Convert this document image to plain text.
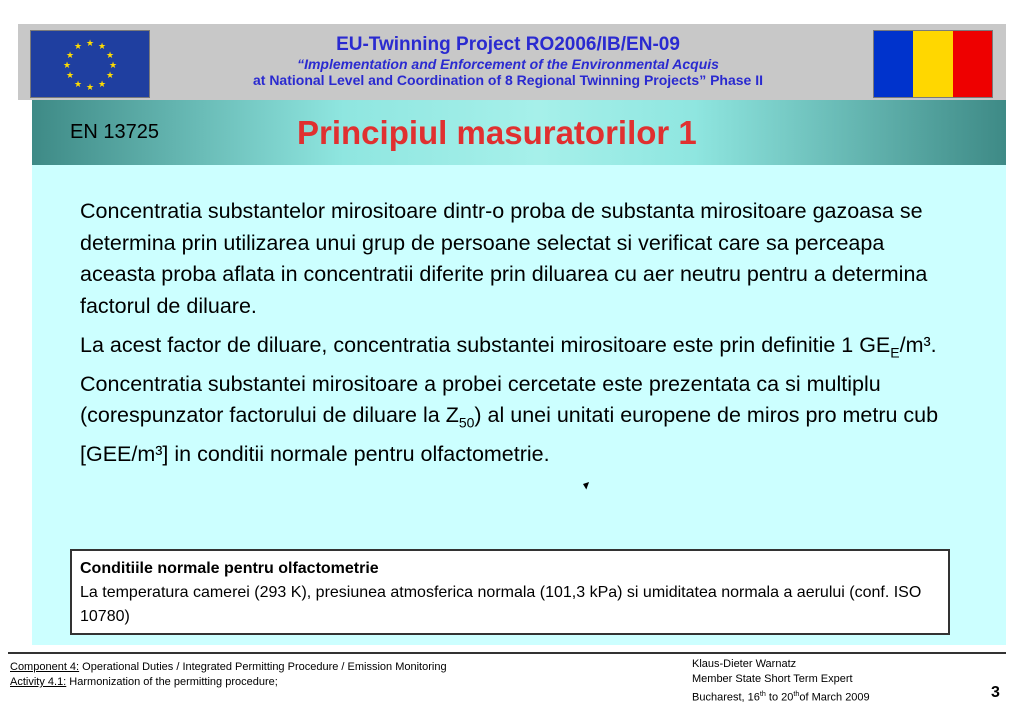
★ ★
★
★
★
★
★
★
★
★
★
★	EU-Twinning Project RO2006/IB/EN-09
“Implementation and Enforcement of the Environmental Acquis
at National Level and Coordination of 8 Regional Twinning Projects” Phase II
EN 13725	Principiul masuratorilor 1

Concentratia substantelor mirositoare dintr-o proba de substanta mirositoare gazoasa se determina prin utilizarea unui grup de persoane selectat si verificat care sa perceapa aceasta proba aflata in concentratii diferite prin diluarea cu aer neutru pentru a determina factorul de diluare.

La acest factor de diluare, concentratia substantei mirositoare este prin definitie 1 $GE_E/m^3$. Concentratia substantei mirositoare a probei cercetate este prezentata ca si multiplu (corespunzator factorului de diluare la $Z_{50}$) al unei unitati europene de miros pro metru cub [GEE/m³] in conditii normale pentru olfactometrie.

Conditiile normale pentru olfactometrie
La temperatura camerei (293 K), presiunea atmosferica normala (101,3 kPa) si umiditatea normala a aerului (conf. ISO 10780)
Component 4: Operational Duties / Integrated Permitting Procedure / Emission Monitoring
Activity 4.1: Harmonization of the permitting procedure;
Klaus-Dieter Warnatz
Member State Short Term Expert
Bucharest, 16th to 20thof March 2009	3
